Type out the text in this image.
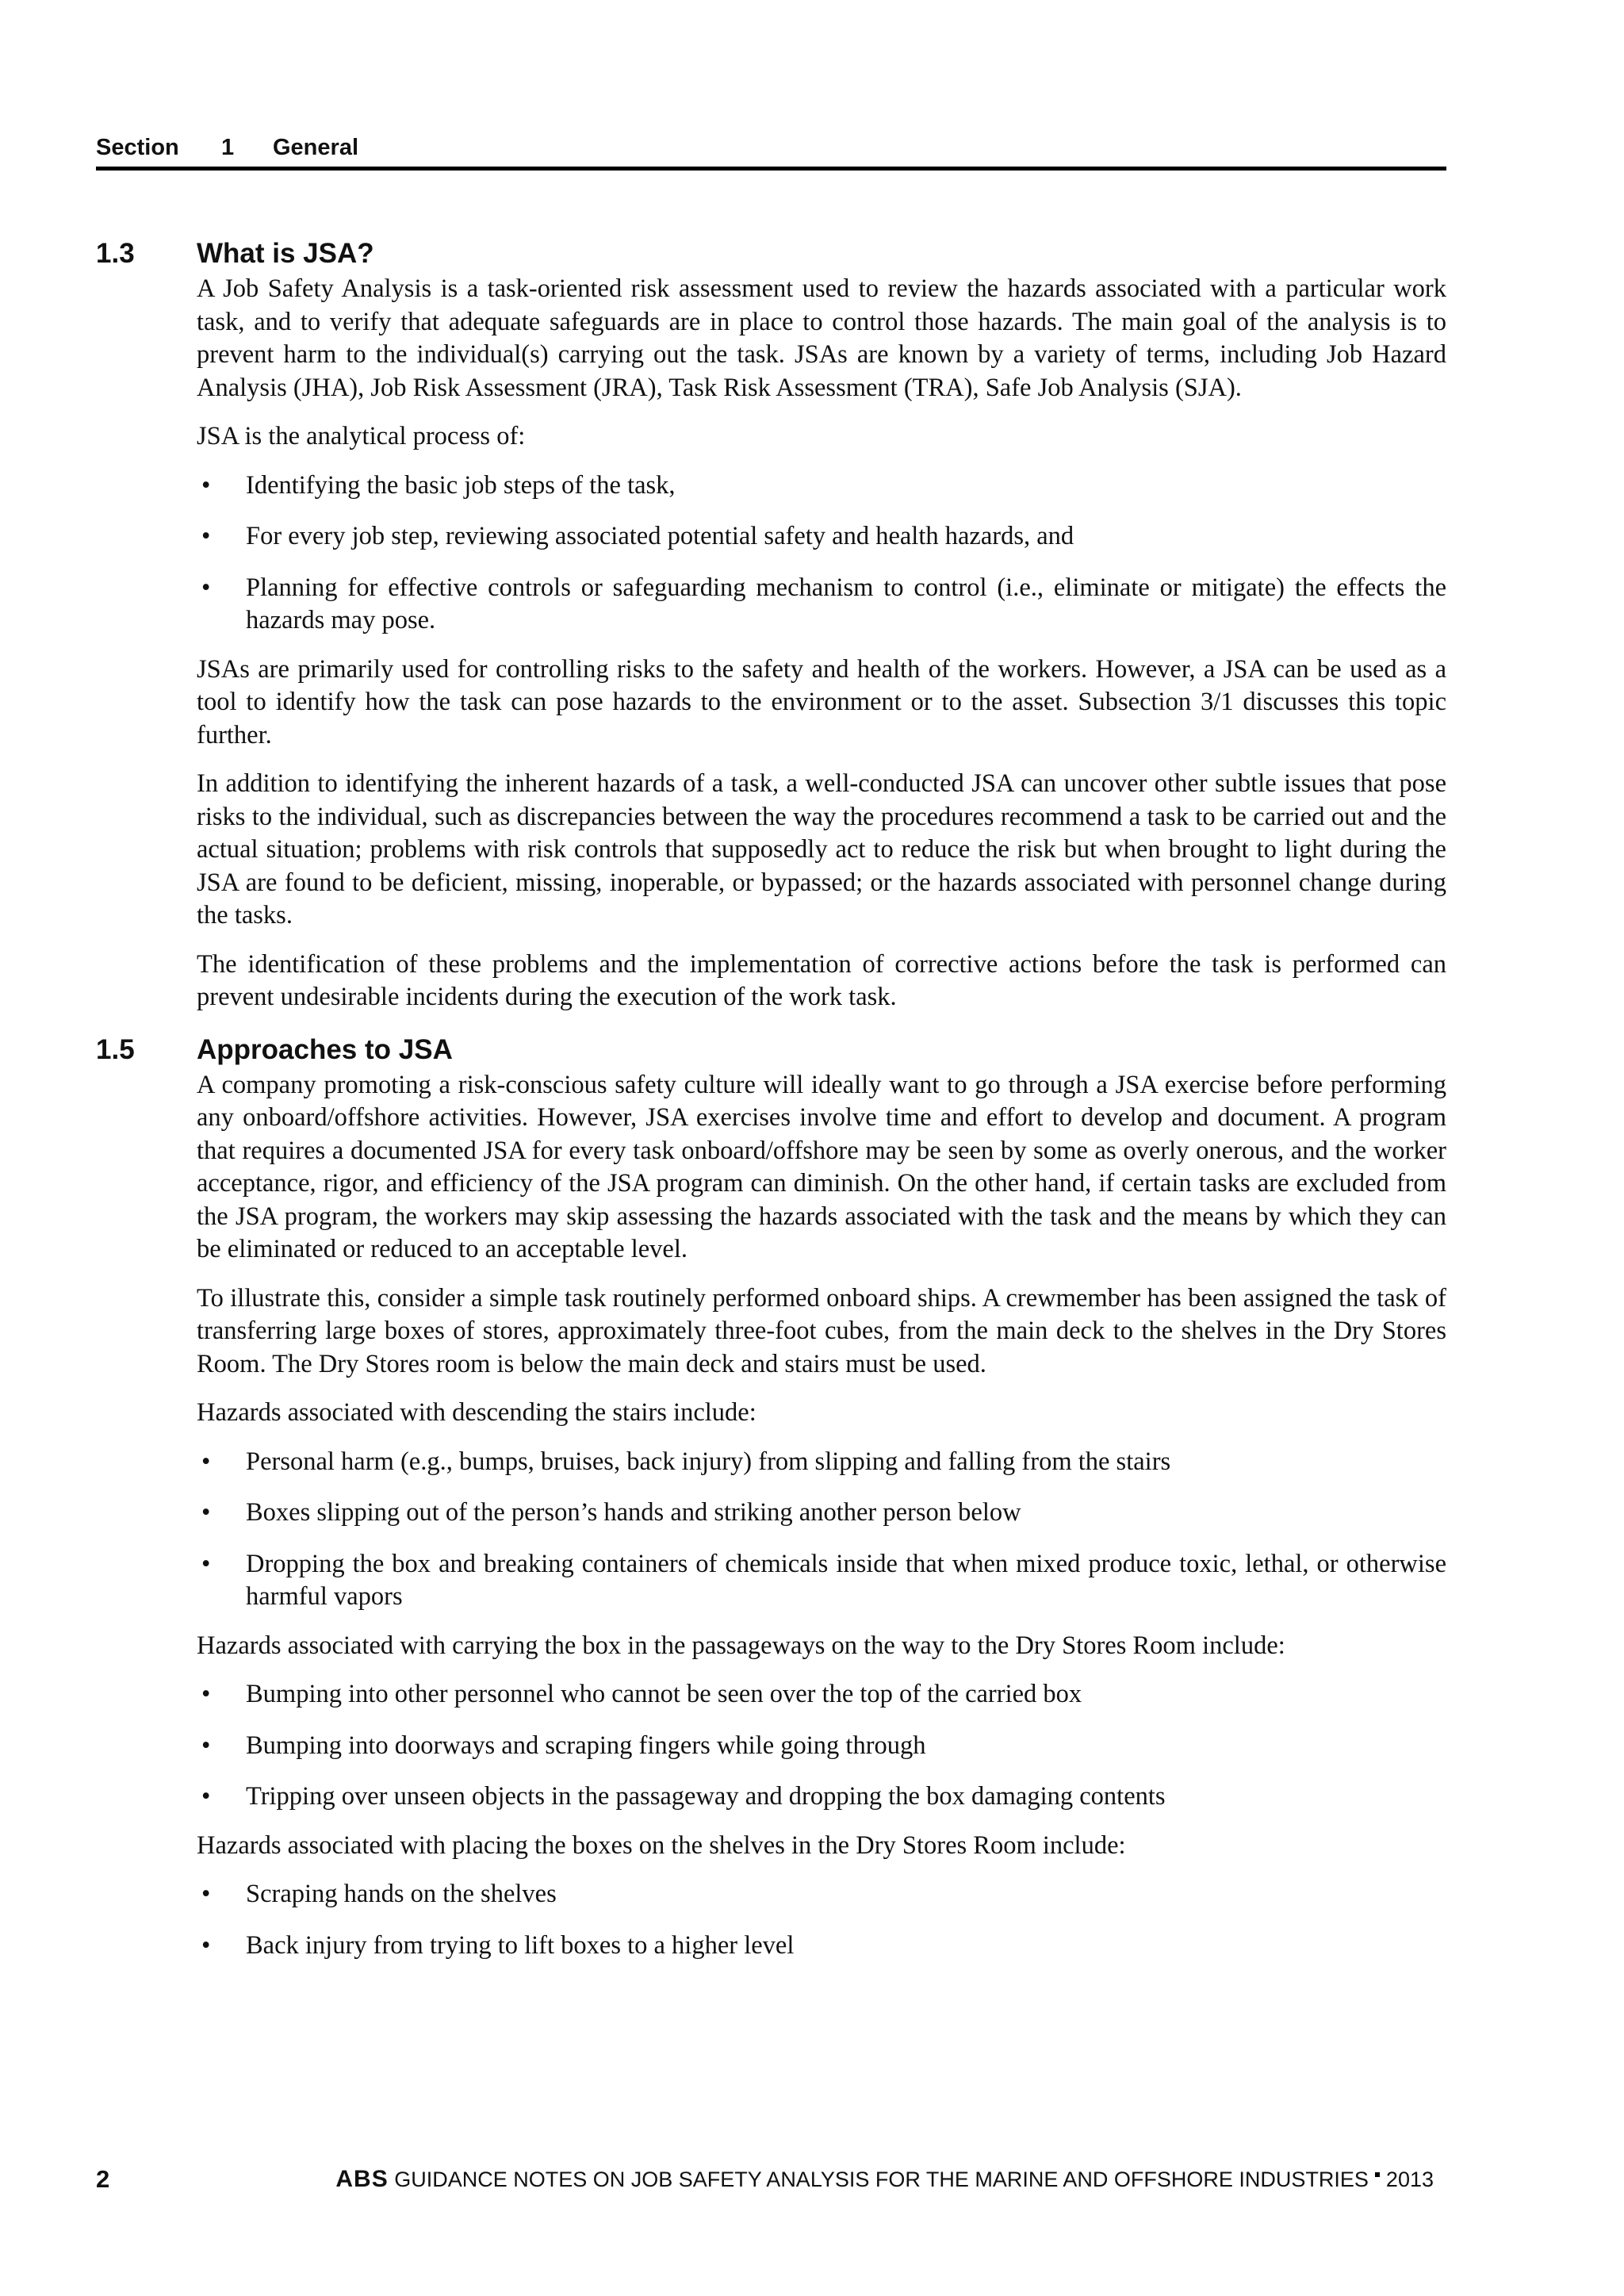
Section 1 General
1.3 What is JSA?

A Job Safety Analysis is a task-oriented risk assessment used to review the hazards associated with a particular work task, and to verify that adequate safeguards are in place to control those hazards. The main goal of the analysis is to prevent harm to the individual(s) carrying out the task. JSAs are known by a variety of terms, including Job Hazard Analysis (JHA), Job Risk Assessment (JRA), Task Risk Assessment (TRA), Safe Job Analysis (SJA).

JSA is the analytical process of:

• Identifying the basic job steps of the task,
• For every job step, reviewing associated potential safety and health hazards, and
• Planning for effective controls or safeguarding mechanism to control (i.e., eliminate or mitigate) the effects the hazards may pose.

JSAs are primarily used for controlling risks to the safety and health of the workers. However, a JSA can be used as a tool to identify how the task can pose hazards to the environment or to the asset. Subsection 3/1 discusses this topic further.

In addition to identifying the inherent hazards of a task, a well-conducted JSA can uncover other subtle issues that pose risks to the individual, such as discrepancies between the way the procedures recommend a task to be carried out and the actual situation; problems with risk controls that supposedly act to reduce the risk but when brought to light during the JSA are found to be deficient, missing, inoperable, or bypassed; or the hazards associated with personnel change during the tasks.

The identification of these problems and the implementation of corrective actions before the task is performed can prevent undesirable incidents during the execution of the work task.

1.5 Approaches to JSA

A company promoting a risk-conscious safety culture will ideally want to go through a JSA exercise before performing any onboard/offshore activities. However, JSA exercises involve time and effort to develop and document. A program that requires a documented JSA for every task onboard/offshore may be seen by some as overly onerous, and the worker acceptance, rigor, and efficiency of the JSA program can diminish. On the other hand, if certain tasks are excluded from the JSA program, the workers may skip assessing the hazards associated with the task and the means by which they can be eliminated or reduced to an acceptable level.

To illustrate this, consider a simple task routinely performed onboard ships. A crewmember has been assigned the task of transferring large boxes of stores, approximately three-foot cubes, from the main deck to the shelves in the Dry Stores Room. The Dry Stores room is below the main deck and stairs must be used.

Hazards associated with descending the stairs include:

• Personal harm (e.g., bumps, bruises, back injury) from slipping and falling from the stairs
• Boxes slipping out of the person’s hands and striking another person below
• Dropping the box and breaking containers of chemicals inside that when mixed produce toxic, lethal, or otherwise harmful vapors

Hazards associated with carrying the box in the passageways on the way to the Dry Stores Room include:

• Bumping into other personnel who cannot be seen over the top of the carried box
• Bumping into doorways and scraping fingers while going through
• Tripping over unseen objects in the passageway and dropping the box damaging contents

Hazards associated with placing the boxes on the shelves in the Dry Stores Room include:

• Scraping hands on the shelves
• Back injury from trying to lift boxes to a higher level
2	ABS GUIDANCE NOTES ON JOB SAFETY ANALYSIS FOR THE MARINE AND OFFSHORE INDUSTRIES 2013
